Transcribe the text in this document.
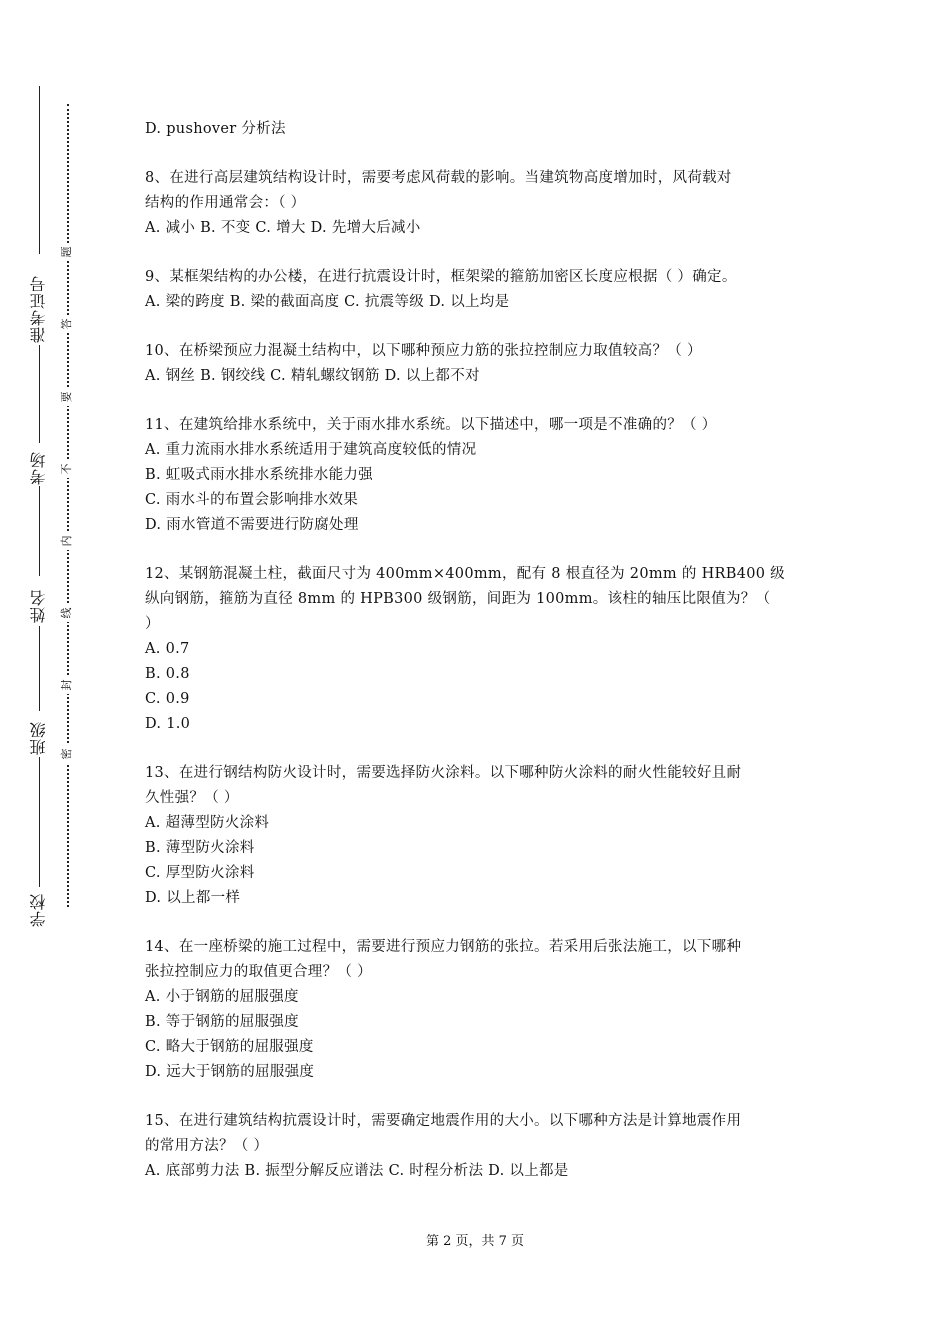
学校
班级
姓名
考场
准考证号
题
答
要
不
内
线
封
密

D. pushover 分析法

8、在进行高层建筑结构设计时，需要考虑风荷载的影响。当建筑物高度增加时，风荷载对

结构的作用通常会：（ ）

A. 减小 B. 不变 C. 增大 D. 先增大后减小

9、某框架结构的办公楼，在进行抗震设计时，框架梁的箍筋加密区长度应根据（ ）确定。

A. 梁的跨度 B. 梁的截面高度 C. 抗震等级 D. 以上均是

10、在桥梁预应力混凝土结构中，以下哪种预应力筋的张拉控制应力取值较高？（ ）

A. 钢丝 B. 钢绞线 C. 精轧螺纹钢筋 D. 以上都不对

11、在建筑给排水系统中，关于雨水排水系统。以下描述中，哪一项是不准确的？（ ）

A. 重力流雨水排水系统适用于建筑高度较低的情况

B. 虹吸式雨水排水系统排水能力强

C. 雨水斗的布置会影响排水效果

D. 雨水管道不需要进行防腐处理

12、某钢筋混凝土柱，截面尺寸为 400mm×400mm，配有 8 根直径为 20mm 的 HRB400 级

纵向钢筋，箍筋为直径 8mm 的 HPB300 级钢筋，间距为 100mm。该柱的轴压比限值为？（

）

A. 0.7

B. 0.8

C. 0.9

D. 1.0

13、在进行钢结构防火设计时，需要选择防火涂料。以下哪种防火涂料的耐火性能较好且耐

久性强？（ ）

A. 超薄型防火涂料

B. 薄型防火涂料

C. 厚型防火涂料

D. 以上都一样

14、在一座桥梁的施工过程中，需要进行预应力钢筋的张拉。若采用后张法施工，以下哪种

张拉控制应力的取值更合理？（ ）

A. 小于钢筋的屈服强度

B. 等于钢筋的屈服强度

C. 略大于钢筋的屈服强度

D. 远大于钢筋的屈服强度

15、在进行建筑结构抗震设计时，需要确定地震作用的大小。以下哪种方法是计算地震作用

的常用方法？（ ）

A. 底部剪力法 B. 振型分解反应谱法 C. 时程分析法 D. 以上都是

第 2 页，共 7 页
